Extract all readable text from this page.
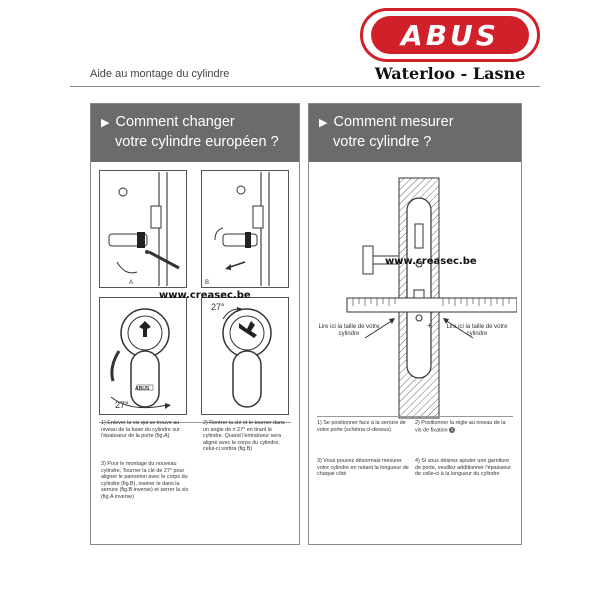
ABUS
Waterloo - Lasne
Aide au montage du cylindre
▶ Comment changer
votre cylindre européen ?
A	B
ABUS
27°
27°
www.creasec.be
1) Enlever la vis qui se trouve au niveau de la base du cylindre sur l'épaisseur de la porte (fig.A)
2) Rentrer la clé et le tourner dans un angle de ± 27° en tirant le cylindre. Quand l'entraîneur sera aligné avec le corps du cylindre, celui-ci sortira (fig.B)
3) Pour le montage du nouveau cylindre, Tourner la clé de 27° pour aligner le panneton avec le corps du cylindre (fig.B), insérer le dans la serrure (fig.B inverse) et serrer la vis (fig.A inverse)
▶ Comment mesurer
votre cylindre ?
+
www.creasec.be
Lire ici la taille de votre cylindre
Lire ici la taille de votre cylindre
1) Se positionner face à la serrure de votre porte (schéma ci-dessus)
2) Positionner la règle au niveau de la vis de fixation 1
3) Vous pouvez désormais mesurer votre cylindre en notant la longueur de chaque côté
4) Si vous désirez ajouter une garniture de porte, veuillez additionner l'épaisseur de celle-ci à la longueur du cylindre
